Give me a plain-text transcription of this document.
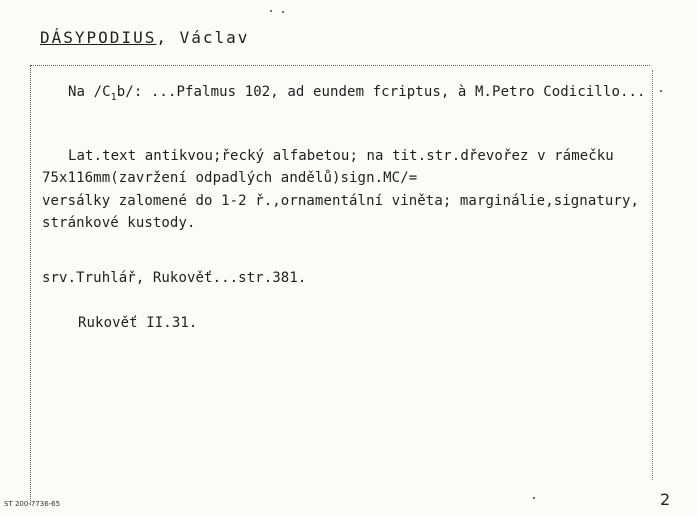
DÁSYPODIUS, Václav
Na $/C_1b/$: ...Pfalmus 102, ad eundem fcriptus, à M.Petro Codicillo...
Lat.text antikvou;řecký alfabetou; na tit.str.dřevořez v rámečku
75x116mm(zavržení odpadlých andělů)sign.MC/=
versálky zalomené do 1-2 ř.,ornamentální viněta; marginálie,signatury,
stránkové kustody.
srv.Truhlář, Rukověť...str.381.
Rukověť II.31.
ST 200-7736-65	2
